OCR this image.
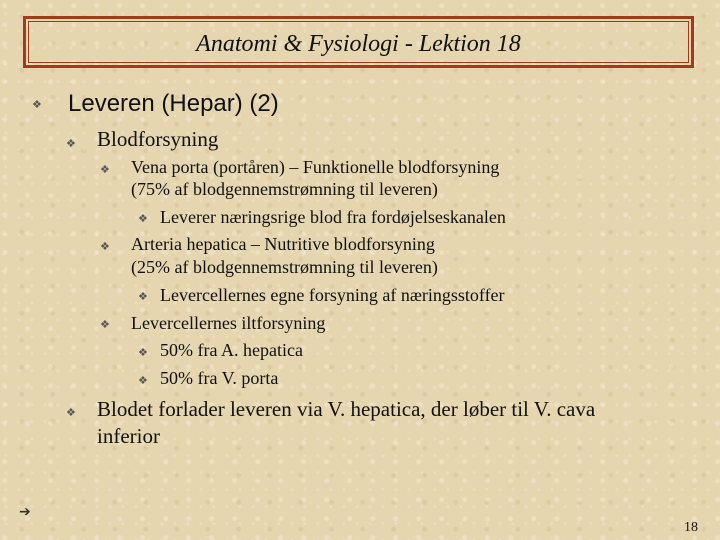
Anatomi & Fysiologi - Lektion 18
❖ Leveren (Hepar) (2)
❖ Blodforsyning
❖ Vena porta (portåren) – Funktionelle blodforsyning
(75% af blodgennemstrømning til leveren)
❖ Leverer næringsrige blod fra fordøjelseskanalen
❖ Arteria hepatica – Nutritive blodforsyning
(25% af blodgennemstrømning til leveren)
❖ Levercellernes egne forsyning af næringsstoffer
❖ Levercellernes iltforsyning
❖ 50% fra A. hepatica
❖ 50% fra V. porta
❖ Blodet forlader leveren via V. hepatica, der løber til V. cava
inferior
➔
18
